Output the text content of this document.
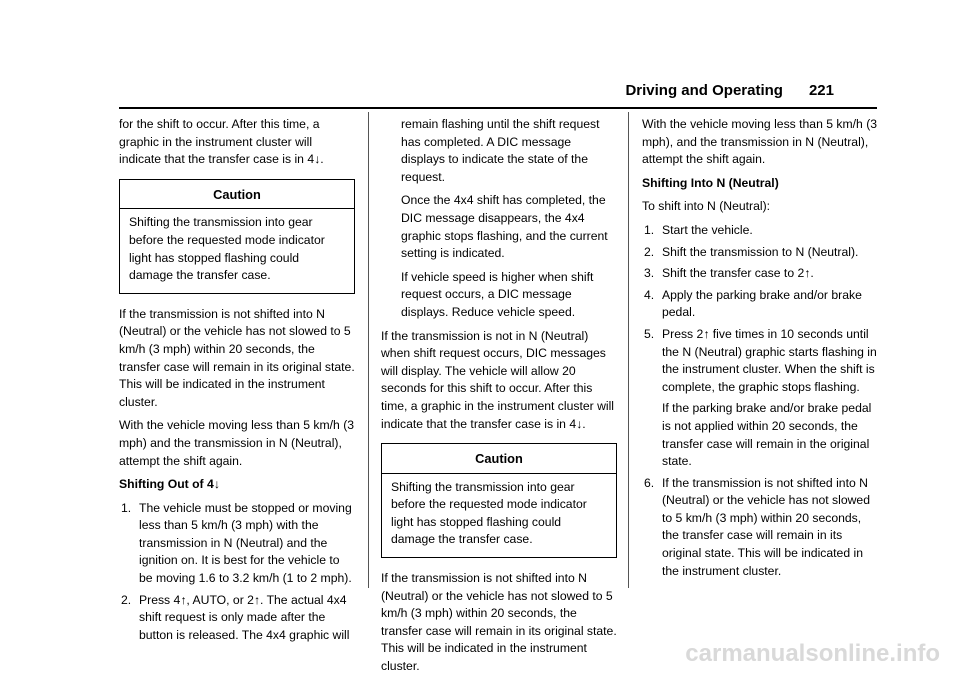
Driving and Operating 221

for the shift to occur. After this time, a graphic in the instrument cluster will indicate that the transfer case is in 4↓.

Caution
Shifting the transmission into gear before the requested mode indicator light has stopped flashing could damage the transfer case.

If the transmission is not shifted into N (Neutral) or the vehicle has not slowed to 5 km/h (3 mph) within 20 seconds, the transfer case will remain in its original state. This will be indicated in the instrument cluster.

With the vehicle moving less than 5 km/h (3 mph) and the transmission in N (Neutral), attempt the shift again.

Shifting Out of 4↓
1. The vehicle must be stopped or moving less than 5 km/h (3 mph) with the transmission in N (Neutral) and the ignition on. It is best for the vehicle to be moving 1.6 to 3.2 km/h (1 to 2 mph).
2. Press 4↑, AUTO, or 2↑. The actual 4x4 shift request is only made after the button is released. The 4x4 graphic will

remain flashing until the shift request has completed. A DIC message displays to indicate the state of the request.

Once the 4x4 shift has completed, the DIC message disappears, the 4x4 graphic stops flashing, and the current setting is indicated.

If vehicle speed is higher when shift request occurs, a DIC message displays. Reduce vehicle speed.

If the transmission is not in N (Neutral) when shift request occurs, DIC messages will display. The vehicle will allow 20 seconds for this shift to occur. After this time, a graphic in the instrument cluster will indicate that the transfer case is in 4↓.

Caution
Shifting the transmission into gear before the requested mode indicator light has stopped flashing could damage the transfer case.

If the transmission is not shifted into N (Neutral) or the vehicle has not slowed to 5 km/h (3 mph) within 20 seconds, the transfer case will remain in its original state. This will be indicated in the instrument cluster.

With the vehicle moving less than 5 km/h (3 mph), and the transmission in N (Neutral), attempt the shift again.

Shifting Into N (Neutral)

To shift into N (Neutral):

1. Start the vehicle.
2. Shift the transmission to N (Neutral).
3. Shift the transfer case to 2↑.
4. Apply the parking brake and/or brake pedal.
5. Press 2↑ five times in 10 seconds until the N (Neutral) graphic starts flashing in the instrument cluster. When the shift is complete, the graphic stops flashing.
If the parking brake and/or brake pedal is not applied within 20 seconds, the transfer case will remain in the original state.
6. If the transmission is not shifted into N (Neutral) or the vehicle has not slowed to 5 km/h (3 mph) within 20 seconds, the transfer case will remain in its original state. This will be indicated in the instrument cluster.
carmanualsonline.info
